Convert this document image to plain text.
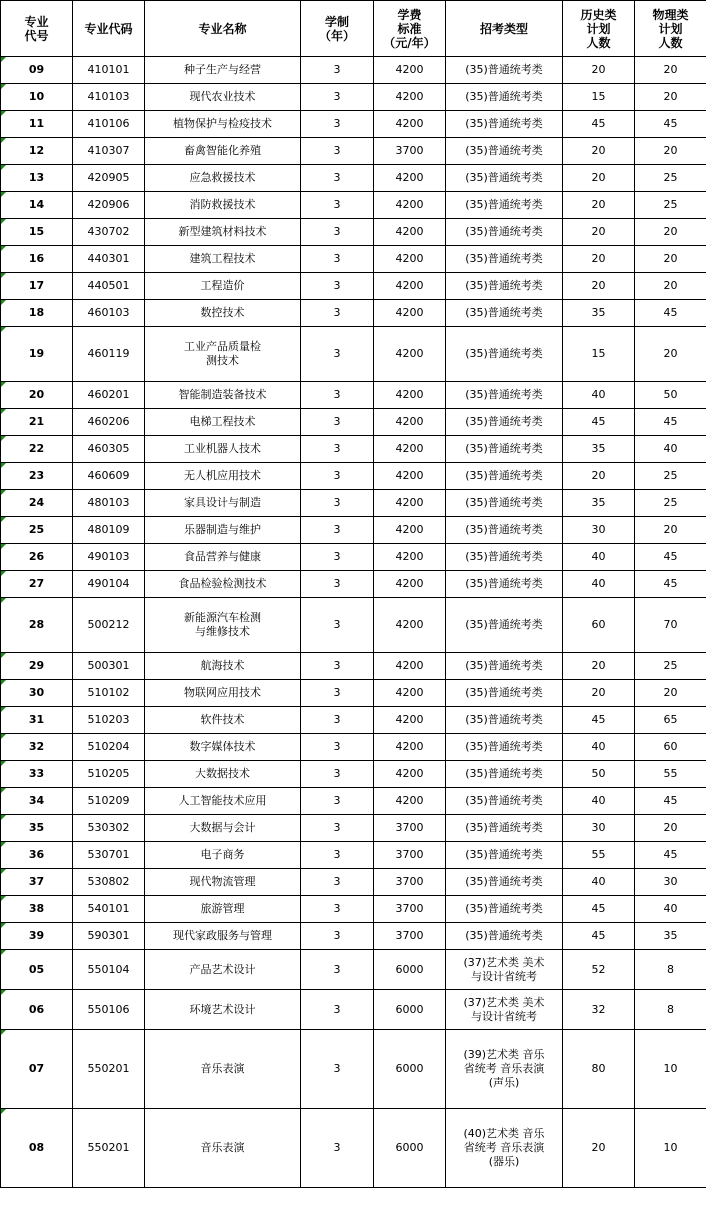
专业
代号	专业代码	专业名称	学制
（年）	学费
标准
（元/年）	招考类型	历史类
计划
人数	物理类
计划
人数

09	410101	种子生产与经营	3	4200	(35)普通统考类	20	20

10	410103	现代农业技术	3	4200	(35)普通统考类	15	20

11	410106	植物保护与检疫技术	3	4200	(35)普通统考类	45	45

12	410307	畜禽智能化养殖	3	3700	(35)普通统考类	20	20

13	420905	应急救援技术	3	4200	(35)普通统考类	20	25

14	420906	消防救援技术	3	4200	(35)普通统考类	20	25

15	430702	新型建筑材料技术	3	4200	(35)普通统考类	20	20

16	440301	建筑工程技术	3	4200	(35)普通统考类	20	20

17	440501	工程造价	3	4200	(35)普通统考类	20	20

18	460103	数控技术	3	4200	(35)普通统考类	35	45

19	460119	工业产品质量检
测技术	3	4200	(35)普通统考类	15	20

20	460201	智能制造装备技术	3	4200	(35)普通统考类	40	50

21	460206	电梯工程技术	3	4200	(35)普通统考类	45	45

22	460305	工业机器人技术	3	4200	(35)普通统考类	35	40

23	460609	无人机应用技术	3	4200	(35)普通统考类	20	25

24	480103	家具设计与制造	3	4200	(35)普通统考类	35	25

25	480109	乐器制造与维护	3	4200	(35)普通统考类	30	20

26	490103	食品营养与健康	3	4200	(35)普通统考类	40	45

27	490104	食品检验检测技术	3	4200	(35)普通统考类	40	45

28	500212	新能源汽车检测
与维修技术	3	4200	(35)普通统考类	60	70

29	500301	航海技术	3	4200	(35)普通统考类	20	25

30	510102	物联网应用技术	3	4200	(35)普通统考类	20	20

31	510203	软件技术	3	4200	(35)普通统考类	45	65

32	510204	数字媒体技术	3	4200	(35)普通统考类	40	60

33	510205	大数据技术	3	4200	(35)普通统考类	50	55

34	510209	人工智能技术应用	3	4200	(35)普通统考类	40	45

35	530302	大数据与会计	3	3700	(35)普通统考类	30	20

36	530701	电子商务	3	3700	(35)普通统考类	55	45

37	530802	现代物流管理	3	3700	(35)普通统考类	40	30

38	540101	旅游管理	3	3700	(35)普通统考类	45	40

39	590301	现代家政服务与管理	3	3700	(35)普通统考类	45	35

05	550104	产品艺术设计	3	6000	(37)艺术类 美术
与设计省统考	52	8

06	550106	环境艺术设计	3	6000	(37)艺术类 美术
与设计省统考	32	8

07	550201	音乐表演	3	6000	(39)艺术类 音乐
省统考 音乐表演
(声乐)	80	10

08	550201	音乐表演	3	6000	(40)艺术类 音乐
省统考 音乐表演
(器乐)	20	10
